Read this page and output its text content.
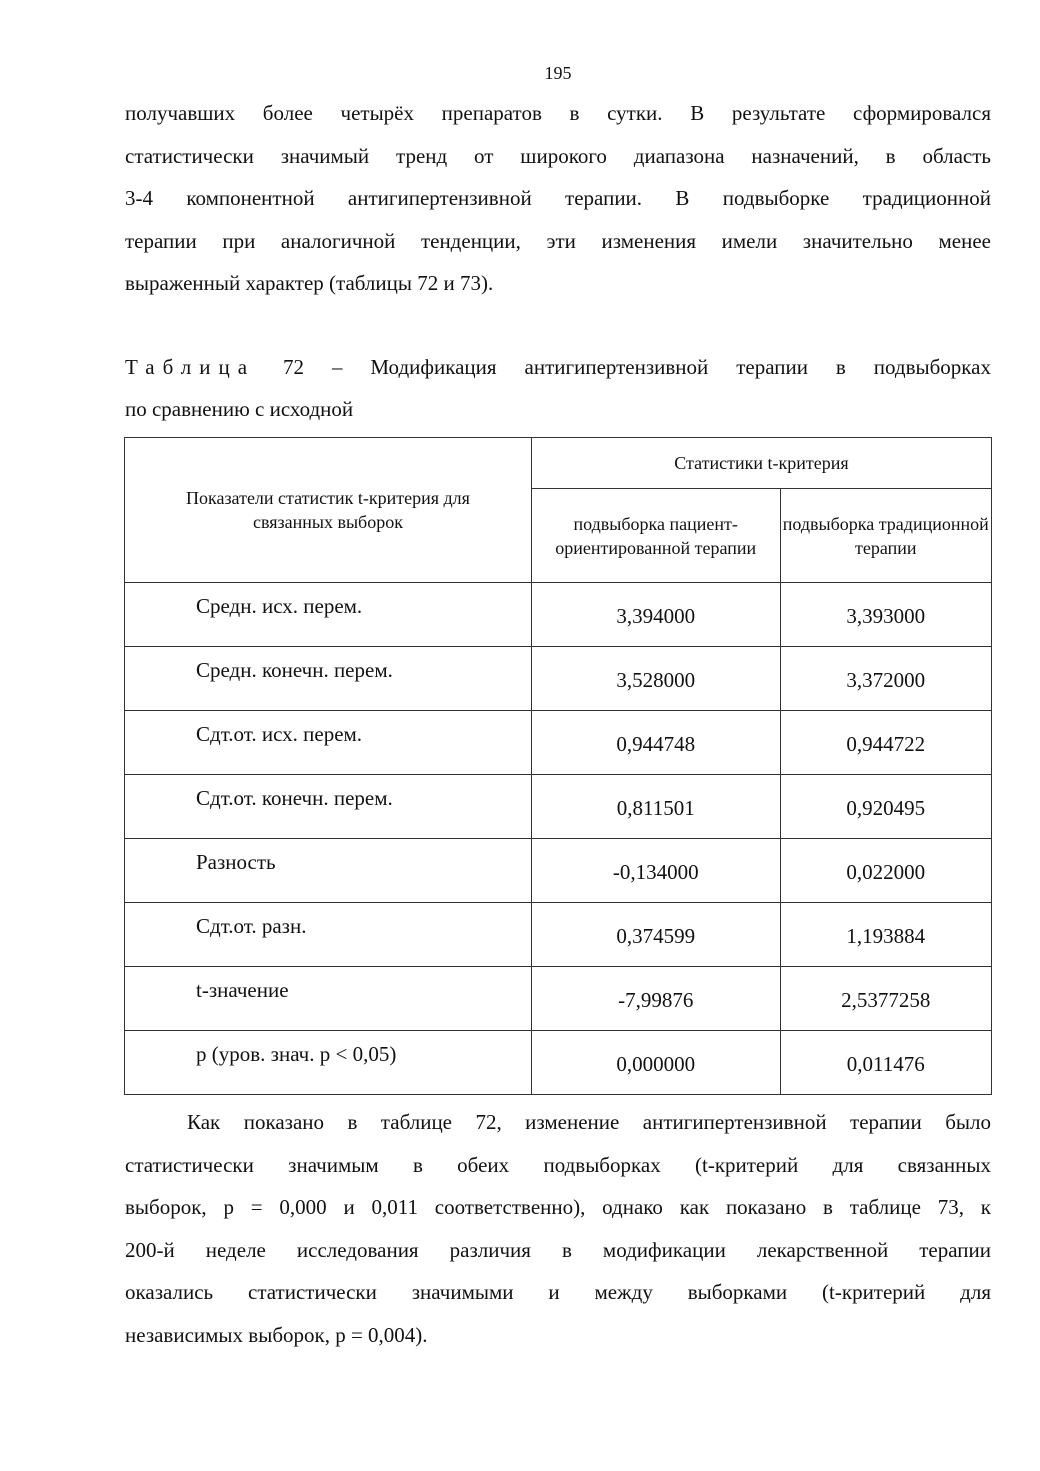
195
получавших более четырёх препаратов в сутки. В результате сформировался
статистически значимый тренд от широкого диапазона назначений, в область
3-4 компонентной антигипертензивной терапии. В подвыборке традиционной
терапии при аналогичной тенденции, эти изменения имели значительно менее
выраженный характер (таблицы 72 и 73).
Таблица 72 – Модификация антигипертензивной терапии в подвыборках
по сравнению с исходной
Показатели статистик t-критерия для связанных выборок	Статистики t-критерия	
	подвыборка пациент-ориентированной терапии	подвыборка традиционной терапии
Средн. исх. перем.	3,394000	3,393000
Средн. конечн. перем.	3,528000	3,372000
Сдт.от. исх. перем.	0,944748	0,944722
Сдт.от. конечн. перем.	0,811501	0,920495
Разность	-0,134000	0,022000
Сдт.от. разн.	0,374599	1,193884
t-значение	-7,99876	2,5377258
p (уров. знач. p < 0,05)	0,000000	0,011476
Как показано в таблице 72, изменение антигипертензивной терапии было
статистически значимым в обеих подвыборках (t-критерий для связанных
выборок, p = 0,000 и 0,011 соответственно), однако как показано в таблице 73, к
200-й неделе исследования различия в модификации лекарственной терапии
оказались статистически значимыми и между выборками (t-критерий для
независимых выборок, p = 0,004).
